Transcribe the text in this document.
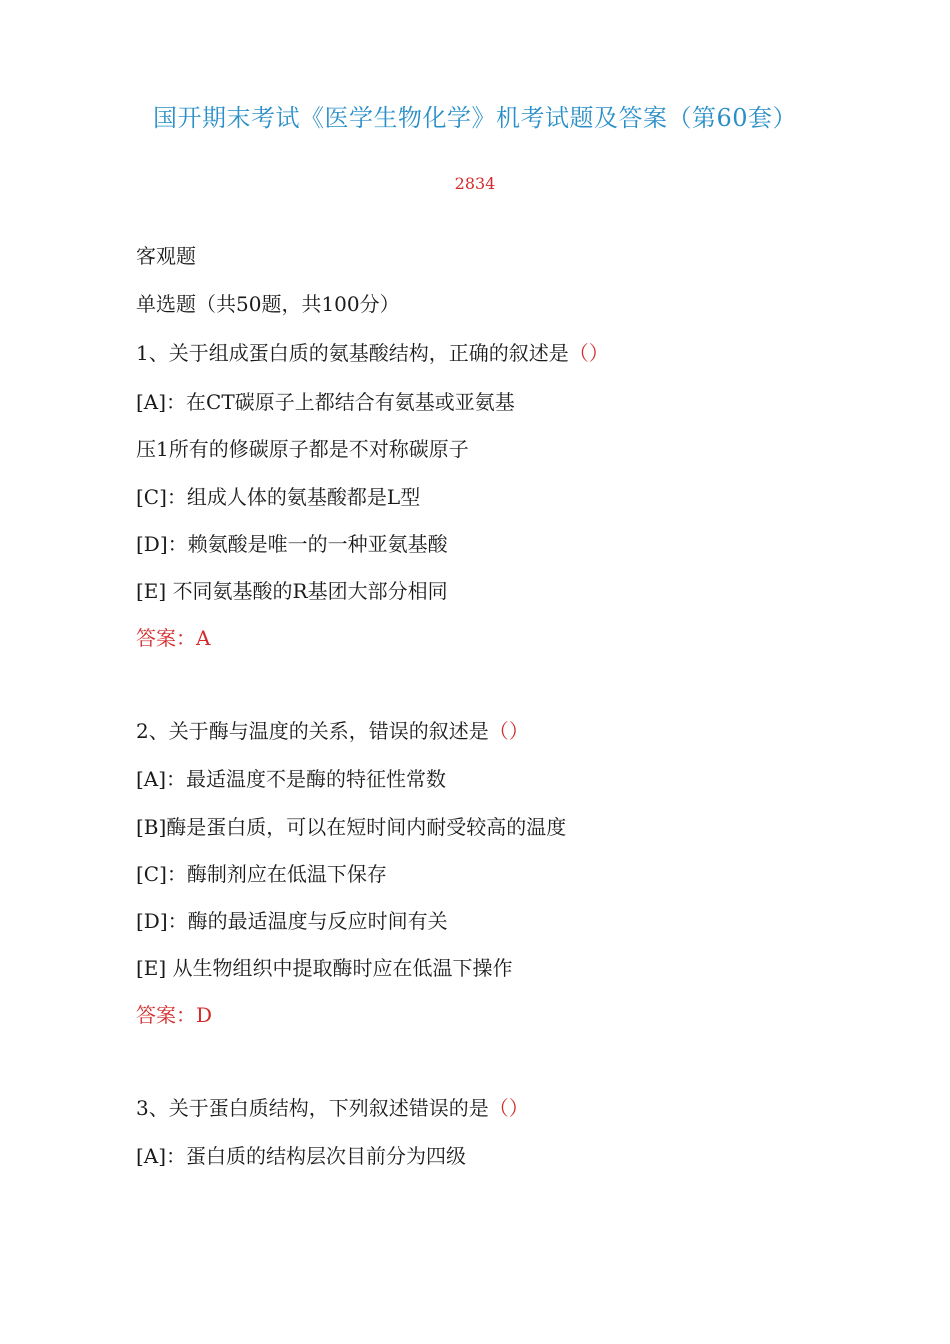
国开期末考试《医学生物化学》机考试题及答案（第60套）
2834
客观题
单选题（共50题，共100分）
1、关于组成蛋白质的氨基酸结构，正确的叙述是（）
[A]：在CT碳原子上都结合有氨基或亚氨基
压1所有的修碳原子都是不对称碳原子
[C]：组成人体的氨基酸都是L型
[D]：赖氨酸是唯一的一种亚氨基酸
[E] 不同氨基酸的R基团大部分相同
答案：A
2、关于酶与温度的关系，错误的叙述是（）
[A]：最适温度不是酶的特征性常数
[B]酶是蛋白质，可以在短时间内耐受较高的温度
[C]：酶制剂应在低温下保存
[D]：酶的最适温度与反应时间有关
[E] 从生物组织中提取酶时应在低温下操作
答案：D
3、关于蛋白质结构，下列叙述错误的是（）
[A]：蛋白质的结构层次目前分为四级
